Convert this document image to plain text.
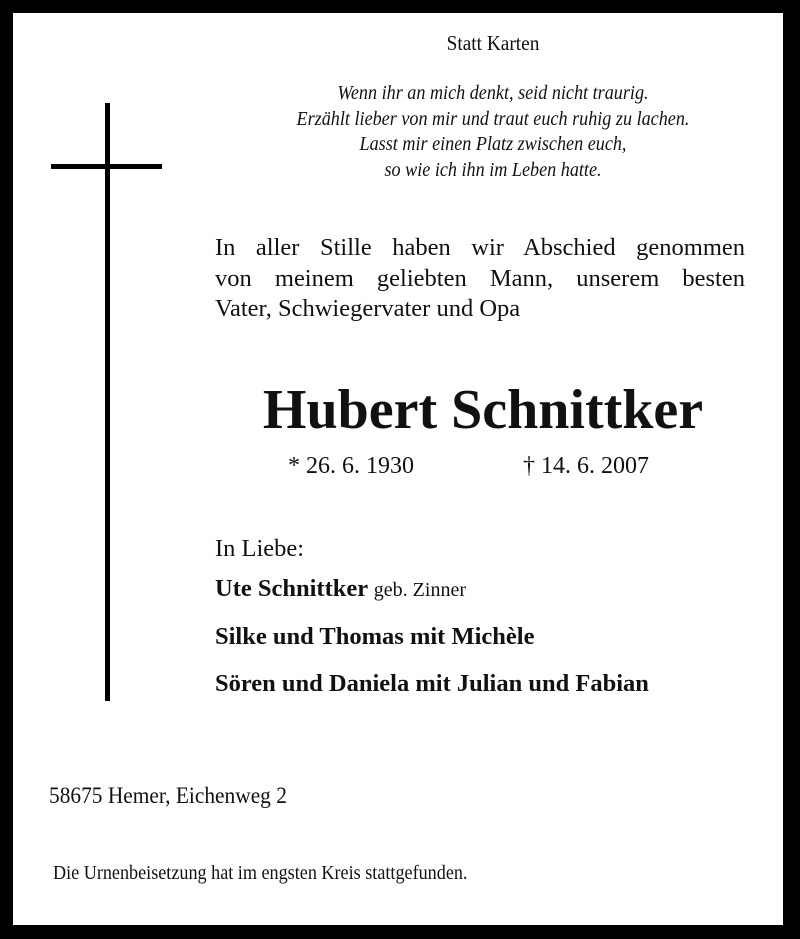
Statt Karten
Wenn ihr an mich denkt, seid nicht traurig.
Erzählt lieber von mir und traut euch ruhig zu lachen.
Lasst mir einen Platz zwischen euch,
so wie ich ihn im Leben hatte.
In aller Stille haben wir Abschied genommen
von meinem geliebten Mann, unserem besten
Vater, Schwiegervater und Opa
Hubert Schnittker
* 26. 6. 1930	† 14. 6. 2007
In Liebe:
Ute Schnittker geb. Zinner
Silke und Thomas mit Michèle
Sören und Daniela mit Julian und Fabian
58675 Hemer, Eichenweg 2
Die Urnenbeisetzung hat im engsten Kreis stattgefunden.
